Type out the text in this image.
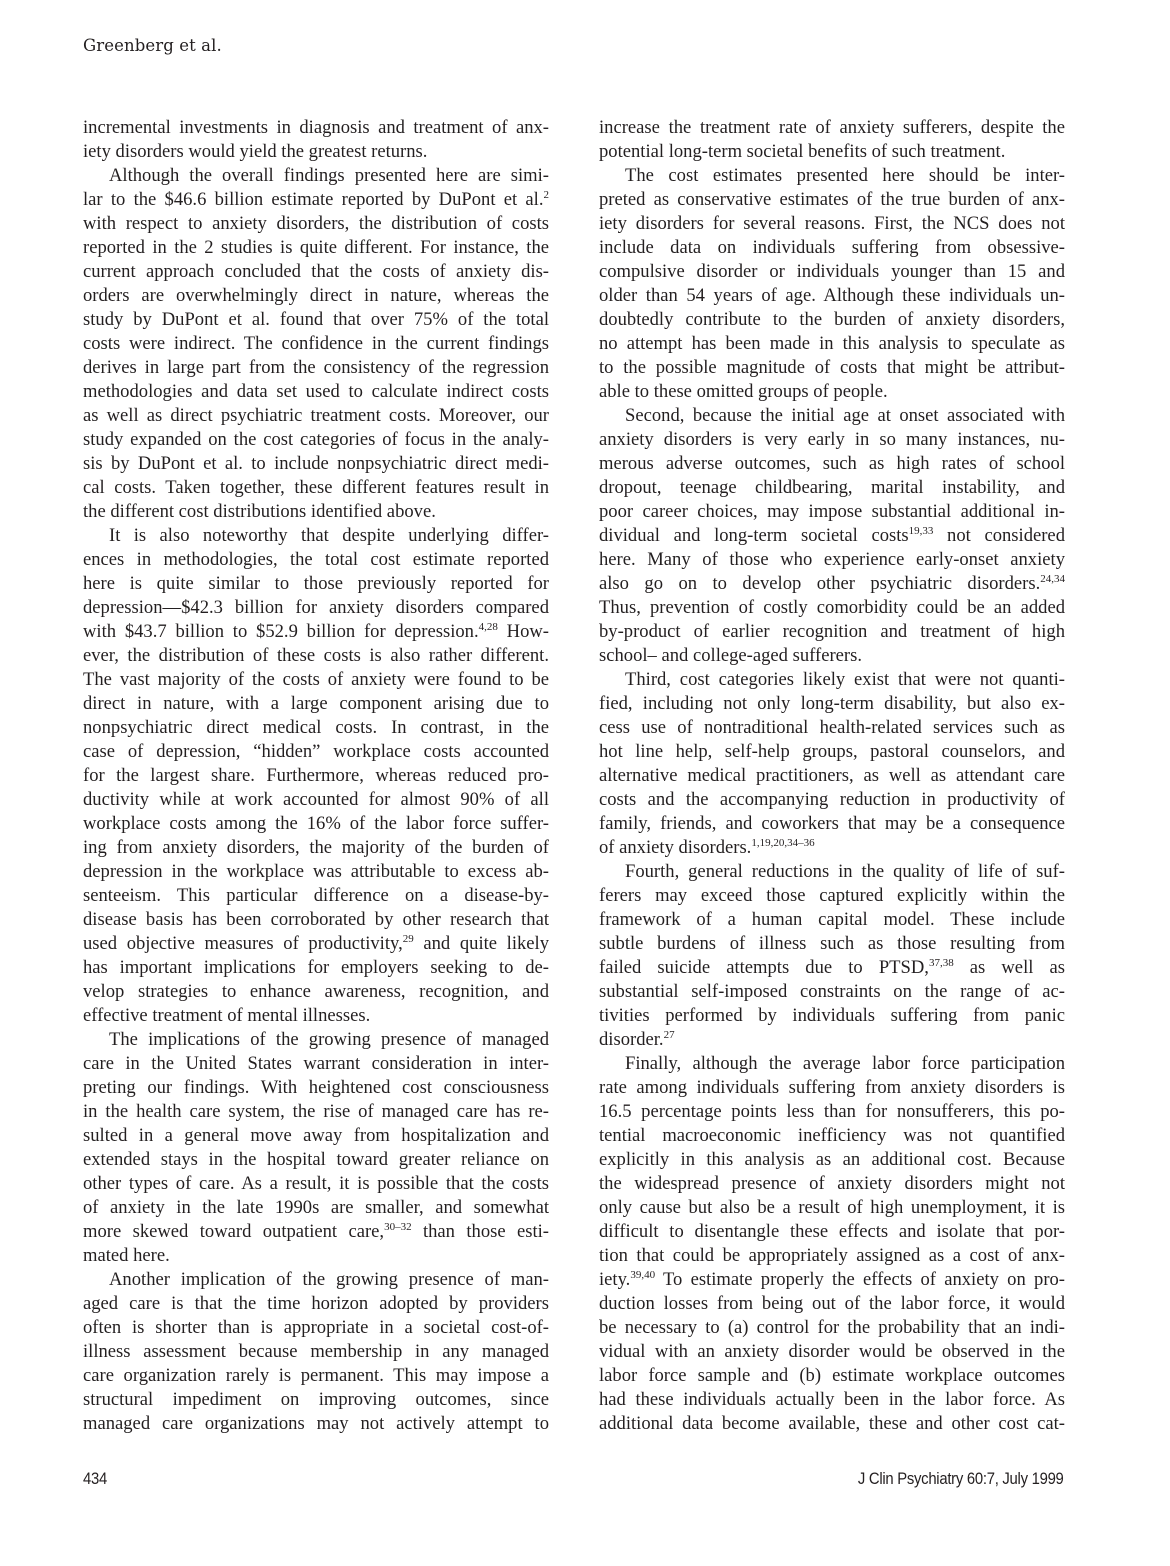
Greenberg et al.
incremental investments in diagnosis and treatment of anx-
iety disorders would yield the greatest returns.
Although the overall findings presented here are simi-
lar to the $46.6 billion estimate reported by DuPont et al.$^2$
with respect to anxiety disorders, the distribution of costs
reported in the 2 studies is quite different. For instance, the
current approach concluded that the costs of anxiety dis-
orders are overwhelmingly direct in nature, whereas the
study by DuPont et al. found that over 75% of the total
costs were indirect. The confidence in the current findings
derives in large part from the consistency of the regression
methodologies and data set used to calculate indirect costs
as well as direct psychiatric treatment costs. Moreover, our
study expanded on the cost categories of focus in the analy-
sis by DuPont et al. to include nonpsychiatric direct medi-
cal costs. Taken together, these different features result in
the different cost distributions identified above.
It is also noteworthy that despite underlying differ-
ences in methodologies, the total cost estimate reported
here is quite similar to those previously reported for
depression—$42.3 billion for anxiety disorders compared
with $43.7 billion to $52.9 billion for depression.$^{4,28}$ How-
ever, the distribution of these costs is also rather different.
The vast majority of the costs of anxiety were found to be
direct in nature, with a large component arising due to
nonpsychiatric direct medical costs. In contrast, in the
case of depression, “hidden” workplace costs accounted
for the largest share. Furthermore, whereas reduced pro-
ductivity while at work accounted for almost 90% of all
workplace costs among the 16% of the labor force suffer-
ing from anxiety disorders, the majority of the burden of
depression in the workplace was attributable to excess ab-
senteeism. This particular difference on a disease-by-
disease basis has been corroborated by other research that
used objective measures of productivity,$^{29}$ and quite likely
has important implications for employers seeking to de-
velop strategies to enhance awareness, recognition, and
effective treatment of mental illnesses.
The implications of the growing presence of managed
care in the United States warrant consideration in inter-
preting our findings. With heightened cost consciousness
in the health care system, the rise of managed care has re-
sulted in a general move away from hospitalization and
extended stays in the hospital toward greater reliance on
other types of care. As a result, it is possible that the costs
of anxiety in the late 1990s are smaller, and somewhat
more skewed toward outpatient care,$^{30-32}$ than those esti-
mated here.
Another implication of the growing presence of man-
aged care is that the time horizon adopted by providers
often is shorter than is appropriate in a societal cost-of-
illness assessment because membership in any managed
care organization rarely is permanent. This may impose a
structural impediment on improving outcomes, since
managed care organizations may not actively attempt to
increase the treatment rate of anxiety sufferers, despite the
potential long-term societal benefits of such treatment.
The cost estimates presented here should be inter-
preted as conservative estimates of the true burden of anx-
iety disorders for several reasons. First, the NCS does not
include data on individuals suffering from obsessive-
compulsive disorder or individuals younger than 15 and
older than 54 years of age. Although these individuals un-
doubtedly contribute to the burden of anxiety disorders,
no attempt has been made in this analysis to speculate as
to the possible magnitude of costs that might be attribut-
able to these omitted groups of people.
Second, because the initial age at onset associated with
anxiety disorders is very early in so many instances, nu-
merous adverse outcomes, such as high rates of school
dropout, teenage childbearing, marital instability, and
poor career choices, may impose substantial additional in-
dividual and long-term societal costs$^{19,33}$ not considered
here. Many of those who experience early-onset anxiety
also go on to develop other psychiatric disorders.$^{24,34}$
Thus, prevention of costly comorbidity could be an added
by-product of earlier recognition and treatment of high
school– and college-aged sufferers.
Third, cost categories likely exist that were not quanti-
fied, including not only long-term disability, but also ex-
cess use of nontraditional health-related services such as
hot line help, self-help groups, pastoral counselors, and
alternative medical practitioners, as well as attendant care
costs and the accompanying reduction in productivity of
family, friends, and coworkers that may be a consequence
of anxiety disorders.$^{1,19,20,34-36}$
Fourth, general reductions in the quality of life of suf-
ferers may exceed those captured explicitly within the
framework of a human capital model. These include
subtle burdens of illness such as those resulting from
failed suicide attempts due to PTSD,$^{37,38}$ as well as
substantial self-imposed constraints on the range of ac-
tivities performed by individuals suffering from panic
disorder.$^{27}$
Finally, although the average labor force participation
rate among individuals suffering from anxiety disorders is
16.5 percentage points less than for nonsufferers, this po-
tential macroeconomic inefficiency was not quantified
explicitly in this analysis as an additional cost. Because
the widespread presence of anxiety disorders might not
only cause but also be a result of high unemployment, it is
difficult to disentangle these effects and isolate that por-
tion that could be appropriately assigned as a cost of anx-
iety.$^{39,40}$ To estimate properly the effects of anxiety on pro-
duction losses from being out of the labor force, it would
be necessary to (a) control for the probability that an indi-
vidual with an anxiety disorder would be observed in the
labor force sample and (b) estimate workplace outcomes
had these individuals actually been in the labor force. As
additional data become available, these and other cost cat-
434	J Clin Psychiatry 60:7, July 1999
